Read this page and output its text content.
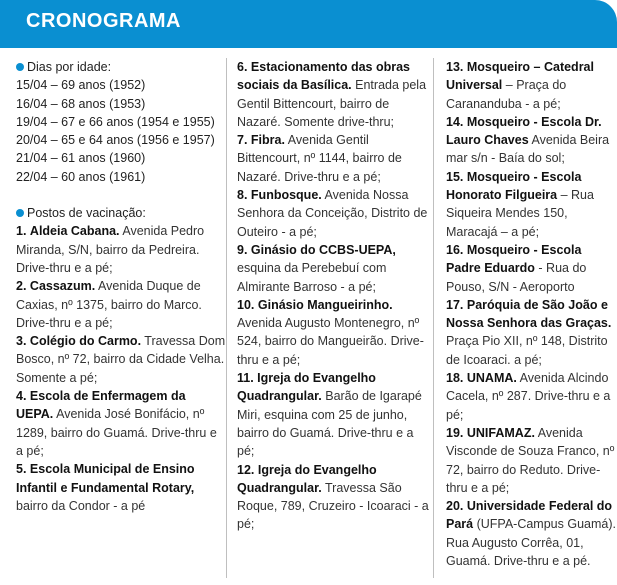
CRONOGRAMA
Dias por idade:
15/04 – 69 anos (1952)
16/04 – 68 anos (1953)
19/04 – 67 e 66 anos (1954 e 1955)
20/04 – 65 e 64 anos (1956 e 1957)
21/04 – 61 anos (1960)
22/04 – 60 anos (1961)
Postos de vacinação:

1. Aldeia Cabana. Avenida Pedro Miranda, S/N, bairro da Pedreira. Drive-thru e a pé;

2. Cassazum. Avenida Duque de Caxias, nº 1375, bairro do Marco. Drive-thru e a pé;

3. Colégio do Carmo. Travessa Dom Bosco, nº 72, bairro da Cidade Velha. Somente a pé;

4. Escola de Enfermagem da UEPA. Avenida José Bonifácio, nº 1289, bairro do Guamá. Drive-thru e a pé;

5. Escola Municipal de Ensino Infantil e Fundamental Rotary, bairro da Condor - a pé

6. Estacionamento das obras sociais da Basílica. Entrada pela Gentil Bittencourt, bairro de Nazaré. Somente drive-thru;

7. Fibra. Avenida Gentil Bittencourt, nº 1144, bairro de Nazaré. Drive-thru e a pé;

8. Funbosque. Avenida Nossa Senhora da Conceição, Distrito de Outeiro - a pé;

9. Ginásio do CCBS-UEPA, esquina da Perebebuí com Almirante Barroso - a pé;

10. Ginásio Mangueirinho. Avenida Augusto Montenegro, nº 524, bairro do Mangueirão. Drive-thru e a pé;

11. Igreja do Evangelho Quadrangular. Barão de Igarapé Miri, esquina com 25 de junho, bairro do Guamá. Drive-thru e a pé;

12. Igreja do Evangelho Quadrangular. Travessa São Roque, 789, Cruzeiro - Icoaraci - a pé;

13. Mosqueiro – Catedral Universal – Praça do Carananduba - a pé;

14. Mosqueiro - Escola Dr. Lauro Chaves Avenida Beira mar s/n - Baía do sol;

15. Mosqueiro - Escola Honorato Filgueira – Rua Siqueira Mendes 150, Maracajá – a pé;

16. Mosqueiro - Escola Padre Eduardo - Rua do Pouso, S/N - Aeroporto

17. Paróquia de São João e Nossa Senhora das Graças. Praça Pio XII, nº 148, Distrito de Icoaraci. a pé;

18. UNAMA. Avenida Alcindo Cacela, nº 287. Drive-thru e a pé;

19. UNIFAMAZ. Avenida Visconde de Souza Franco, nº 72, bairro do Reduto. Drive-thru e a pé;

20. Universidade Federal do Pará (UFPA-Campus Guamá). Rua Augusto Corrêa, 01, Guamá. Drive-thru e a pé.
